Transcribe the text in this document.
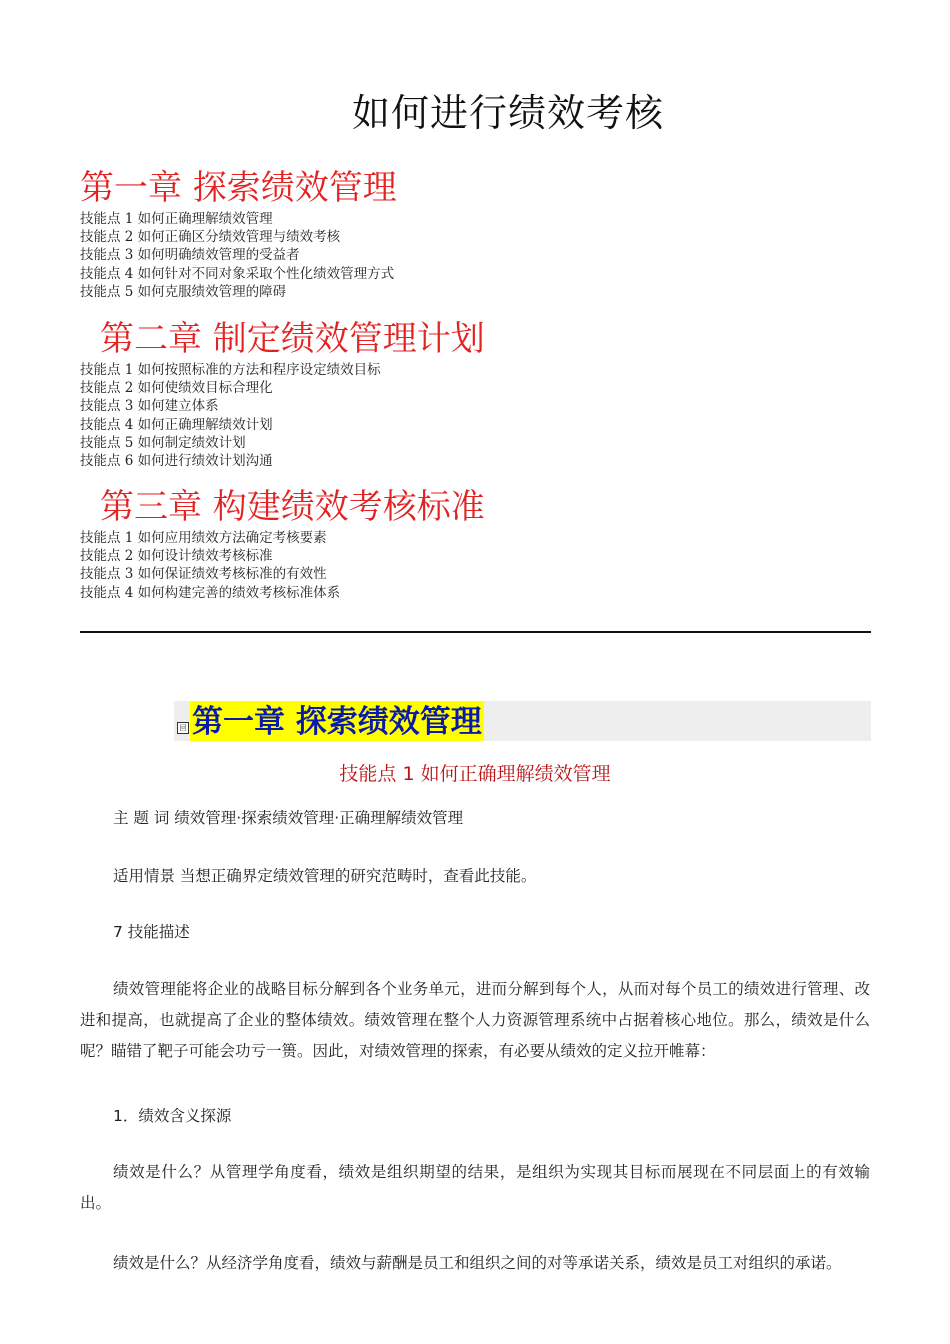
如何进行绩效考核
第一章 探索绩效管理
技能点 1 如何正确理解绩效管理
技能点 2 如何正确区分绩效管理与绩效考核
技能点 3 如何明确绩效管理的受益者
技能点 4 如何针对不同对象采取个性化绩效管理方式
技能点 5 如何克服绩效管理的障碍
第二章 制定绩效管理计划
技能点 1 如何按照标准的方法和程序设定绩效目标
技能点 2 如何使绩效目标合理化
技能点 3 如何建立体系
技能点 4 如何正确理解绩效计划
技能点 5 如何制定绩效计划
技能点 6 如何进行绩效计划沟通
第三章 构建绩效考核标准
技能点 1 如何应用绩效方法确定考核要素
技能点 2 如何设计绩效考核标准
技能点 3 如何保证绩效考核标准的有效性
技能点 4 如何构建完善的绩效考核标准体系
回 第一章 探索绩效管理
技能点 1 如何正确理解绩效管理
主 题 词 绩效管理·探索绩效管理·正确理解绩效管理
适用情景 当想正确界定绩效管理的研究范畴时，查看此技能。
7 技能描述
绩效管理能将企业的战略目标分解到各个业务单元，进而分解到每个人，从而对每个员工的绩效进行管理、改进和提高，也就提高了企业的整体绩效。绩效管理在整个人力资源管理系统中占据着核心地位。那么，绩效是什么呢？瞄错了靶子可能会功亏一篑。因此，对绩效管理的探索，有必要从绩效的定义拉开帷幕：
1．绩效含义探源
绩效是什么？从管理学角度看，绩效是组织期望的结果，是组织为实现其目标而展现在不同层面上的有效输出。
绩效是什么？从经济学角度看，绩效与薪酬是员工和组织之间的对等承诺关系，绩效是员工对组织的承诺。
